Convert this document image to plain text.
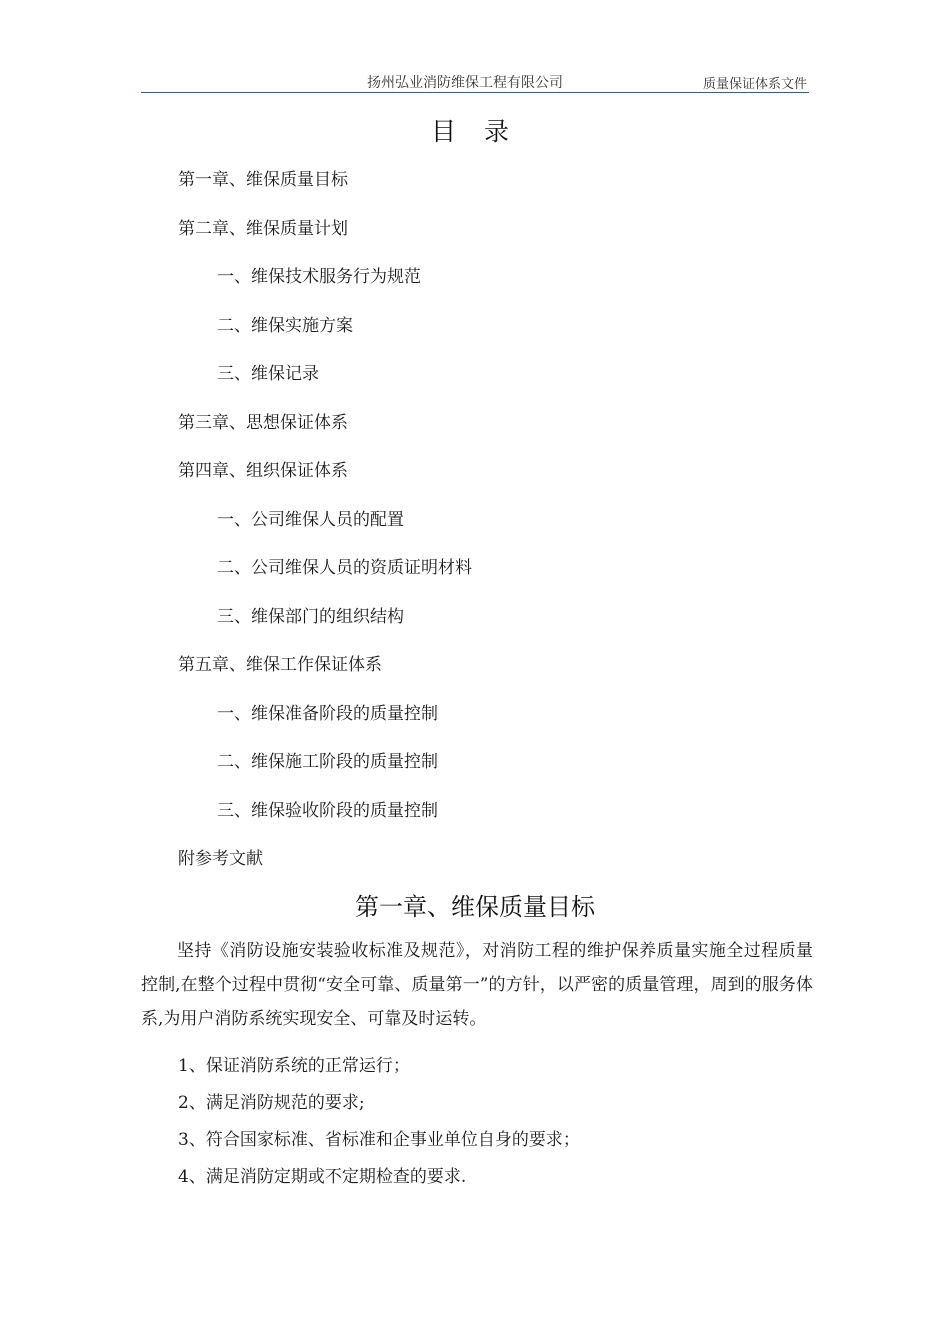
扬州弘业消防维保工程有限公司	质量保证体系文件
目 录
第一章、维保质量目标
第二章、维保质量计划
一、维保技术服务行为规范
二、维保实施方案
三、维保记录
第三章、思想保证体系
第四章、组织保证体系
一、公司维保人员的配置
二、公司维保人员的资质证明材料
三、维保部门的组织结构
第五章、维保工作保证体系
一、维保准备阶段的质量控制
二、维保施工阶段的质量控制
三、维保验收阶段的质量控制
附参考文献
第一章、维保质量目标

坚持《消防设施安装验收标准及规范》，对消防工程的维护保养质量实施全过程质量控制,在整个过程中贯彻“安全可靠、质量第一”的方针，以严密的质量管理，周到的服务体系,为用户消防系统实现安全、可靠及时运转。

1、保证消防系统的正常运行；
2、满足消防规范的要求;
3、符合国家标准、省标准和企事业单位自身的要求；
4、满足消防定期或不定期检查的要求.
